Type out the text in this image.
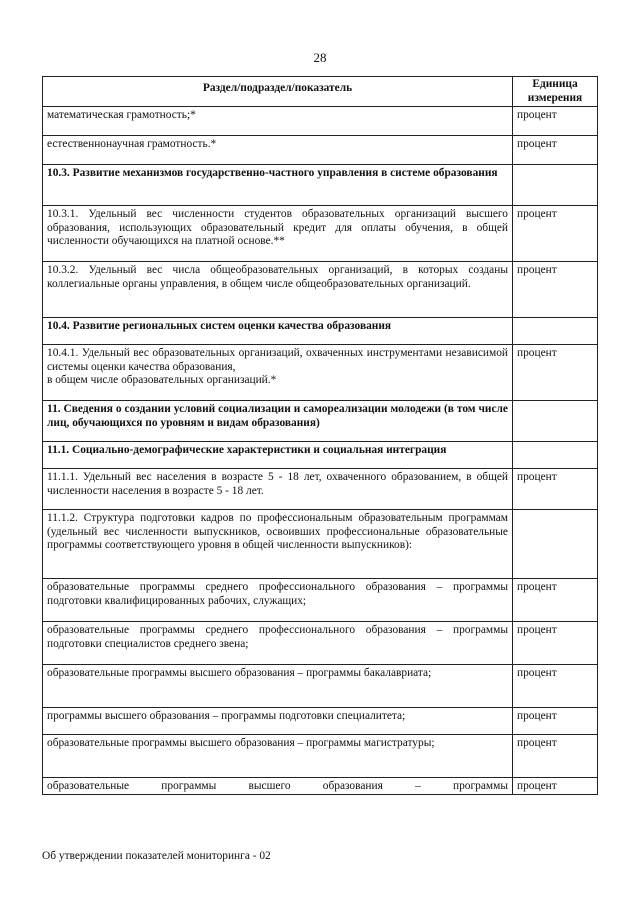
28
Раздел/подраздел/показатель	Единица
измерения

математическая грамотность;*	процент
естественнонаучная грамотность.*	процент
10.3. Развитие механизмов государственно-частного управления в системе образования	
10.3.1. Удельный вес численности студентов образовательных организаций высшего образования, использующих образовательный кредит для оплаты обучения, в общей численности обучающихся на платной основе.**	процент
10.3.2. Удельный вес числа общеобразовательных организаций, в которых созданы коллегиальные органы управления, в общем числе общеобразовательных организаций.	процент
10.4. Развитие региональных систем оценки качества образования	

10.4.1. Удельный вес образовательных организаций, охваченных инструментами независимой системы оценки качества образования,
в общем числе образовательных организаций.*	процент
11. Сведения о создании условий социализации и самореализации молодежи (в том числе лиц, обучающихся по уровням и видам образования)	
11.1. Социально-демографические характеристики и социальная интеграция	
11.1.1. Удельный вес населения в возрасте 5 - 18 лет, охваченного образованием, в общей численности населения в возрасте 5 - 18 лет.	процент
11.1.2. Структура подготовки кадров по профессиональным образовательным программам (удельный вес численности выпускников, освоивших профессиональные образовательные программы соответствующего уровня в общей численности выпускников):	
образовательные программы среднего профессионального образования – программы подготовки квалифицированных рабочих, служащих;	процент
образовательные программы среднего профессионального образования – программы подготовки специалистов среднего звена;	процент
образовательные программы высшего образования – программы бакалавриата;	процент
программы высшего образования – программы подготовки специалитета;	процент
образовательные программы высшего образования – программы магистратуры;	процент
образовательные программы высшего образования – программы	процент
Об утверждении показателей мониторинга - 02
